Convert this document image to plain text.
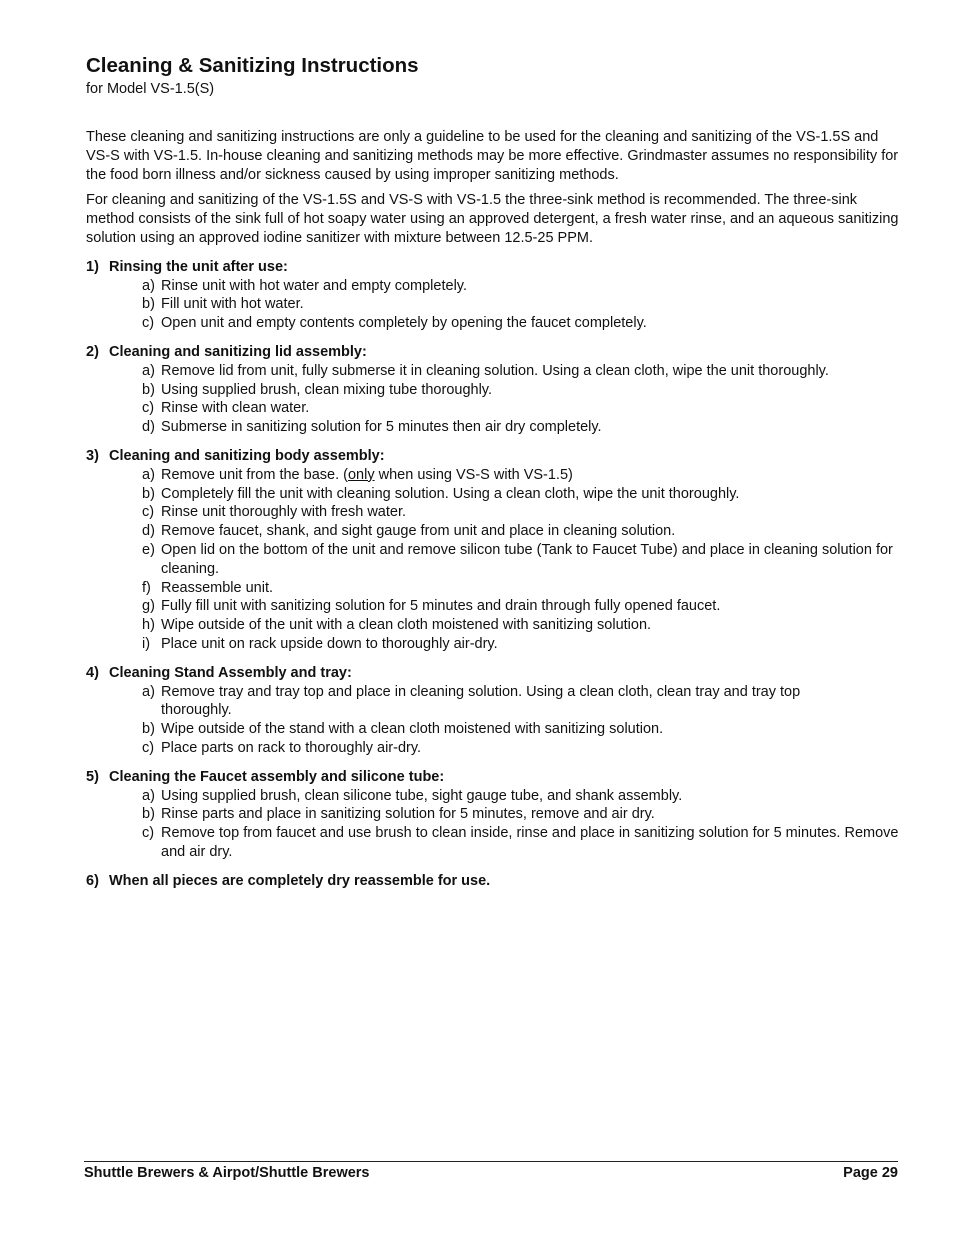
Cleaning & Sanitizing Instructions
for Model VS-1.5(S)

These cleaning and sanitizing instructions are only a guideline to be used for the cleaning and sanitizing of the VS-1.5S and VS-S with VS-1.5. In-house cleaning and sanitizing methods may be more effective. Grindmaster assumes no responsibility for the food born illness and/or sickness caused by using improper sanitizing methods.

For cleaning and sanitizing of the VS-1.5S and VS-S with VS-1.5 the three-sink method is recommended. The three-sink method consists of the sink full of hot soapy water using an approved detergent, a fresh water rinse, and an aqueous sanitizing solution using an approved iodine sanitizer with mixture between 12.5-25 PPM.

1) Rinsing the unit after use:
a) Rinse unit with hot water and empty completely.
b) Fill unit with hot water.
c) Open unit and empty contents completely by opening the faucet completely.
2) Cleaning and sanitizing lid assembly:
a) Remove lid from unit, fully submerse it in cleaning solution. Using a clean cloth, wipe the unit thoroughly.
b) Using supplied brush, clean mixing tube thoroughly.
c) Rinse with clean water.
d) Submerse in sanitizing solution for 5 minutes then air dry completely.
3) Cleaning and sanitizing body assembly:
a) Remove unit from the base. (only when using VS-S with VS-1.5)
b) Completely fill the unit with cleaning solution. Using a clean cloth, wipe the unit thoroughly.
c) Rinse unit thoroughly with fresh water.
d) Remove faucet, shank, and sight gauge from unit and place in cleaning solution.
e) Open lid on the bottom of the unit and remove silicon tube (Tank to Faucet Tube) and place in cleaning solution for cleaning.
f) Reassemble unit.
g) Fully fill unit with sanitizing solution for 5 minutes and drain through fully opened faucet.
h) Wipe outside of the unit with a clean cloth moistened with sanitizing solution.
i) Place unit on rack upside down to thoroughly air-dry.
4) Cleaning Stand Assembly and tray:
a) Remove tray and tray top and place in cleaning solution. Using a clean cloth, clean tray and tray top thoroughly.
b) Wipe outside of the stand with a clean cloth moistened with sanitizing solution.
c) Place parts on rack to thoroughly air-dry.
5) Cleaning the Faucet assembly and silicone tube:
a) Using supplied brush, clean silicone tube, sight gauge tube, and shank assembly.
b) Rinse parts and place in sanitizing solution for 5 minutes, remove and air dry.
c) Remove top from faucet and use brush to clean inside, rinse and place in sanitizing solution for 5 minutes. Remove and air dry.
6) When all pieces are completely dry reassemble for use.
Shuttle Brewers & Airpot/Shuttle Brewers	Page 29
